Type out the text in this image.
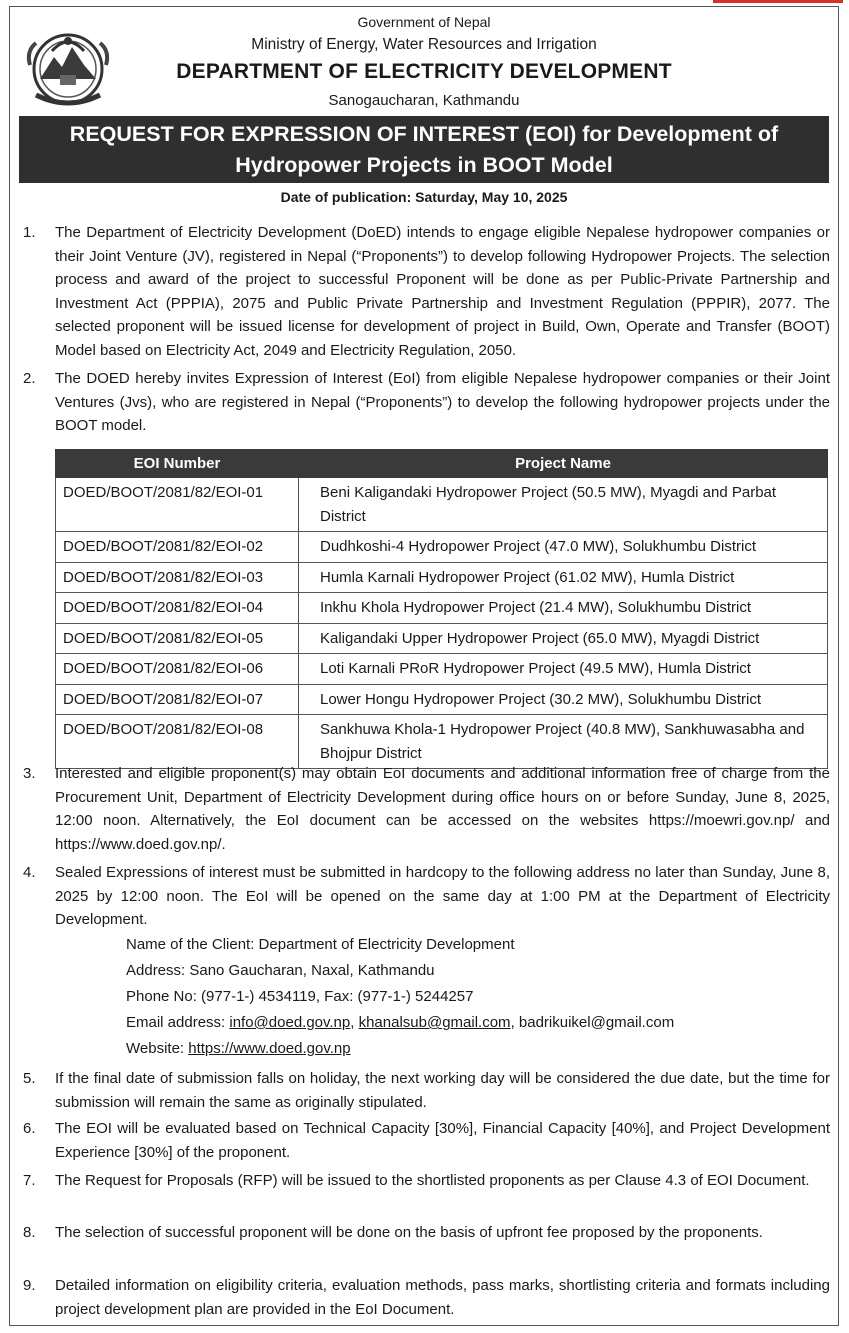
Government of Nepal
Ministry of Energy, Water Resources and Irrigation
DEPARTMENT OF ELECTRICITY DEVELOPMENT
Sanogaucharan, Kathmandu
REQUEST FOR EXPRESSION OF INTEREST (EOI) for Development of
Hydropower Projects in BOOT Model
Date of publication: Saturday, May 10, 2025
1. The Department of Electricity Development (DoED) intends to engage eligible Nepalese hydropower companies or their Joint Venture (JV), registered in Nepal (“Proponents”) to develop following Hydropower Projects. The selection process and award of the project to successful Proponent will be done as per Public-Private Partnership and Investment Act (PPPIA), 2075 and Public Private Partnership and Investment Regulation (PPPIR), 2077. The selected proponent will be issued license for development of project in Build, Own, Operate and Transfer (BOOT) Model based on Electricity Act, 2049 and Electricity Regulation, 2050.
2. The DOED hereby invites Expression of Interest (EoI) from eligible Nepalese hydropower companies or their Joint Ventures (Jvs), who are registered in Nepal (“Proponents”) to develop the following hydropower projects under the BOOT model.
EOI Number	Project Name
DOED/BOOT/2081/82/EOI-01	Beni Kaligandaki Hydropower Project (50.5 MW), Myagdi and Parbat District
DOED/BOOT/2081/82/EOI-02	Dudhkoshi-4 Hydropower Project (47.0 MW), Solukhumbu District
DOED/BOOT/2081/82/EOI-03	Humla Karnali Hydropower Project (61.02 MW), Humla District
DOED/BOOT/2081/82/EOI-04	Inkhu Khola Hydropower Project (21.4 MW), Solukhumbu District
DOED/BOOT/2081/82/EOI-05	Kaligandaki Upper Hydropower Project (65.0 MW), Myagdi District
DOED/BOOT/2081/82/EOI-06	Loti Karnali PRoR Hydropower Project (49.5 MW), Humla District
DOED/BOOT/2081/82/EOI-07	Lower Hongu Hydropower Project (30.2 MW), Solukhumbu District
DOED/BOOT/2081/82/EOI-08	Sankhuwa Khola-1 Hydropower Project (40.8 MW), Sankhuwasabha and Bhojpur District
3. Interested and eligible proponent(s) may obtain EoI documents and additional information free of charge from the Procurement Unit, Department of Electricity Development during office hours on or before Sunday, June 8, 2025, 12:00 noon. Alternatively, the EoI document can be accessed on the websites https://moewri.gov.np/ and https://www.doed.gov.np/.
4. Sealed Expressions of interest must be submitted in hardcopy to the following address no later than Sunday, June 8, 2025 by 12:00 noon. The EoI will be opened on the same day at 1:00 PM at the Department of Electricity Development.
Name of the Client: Department of Electricity Development
Address: Sano Gaucharan, Naxal, Kathmandu
Phone No: (977-1-) 4534119, Fax: (977-1-) 5244257
Email address: info@doed.gov.np, khanalsub@gmail.com, badrikuikel@gmail.com
Website: https://www.doed.gov.np
5. If the final date of submission falls on holiday, the next working day will be considered the due date, but the time for submission will remain the same as originally stipulated.
6. The EOI will be evaluated based on Technical Capacity [30%], Financial Capacity [40%], and Project Development Experience [30%] of the proponent.
7. The Request for Proposals (RFP) will be issued to the shortlisted proponents as per Clause 4.3 of EOI Document.
8. The selection of successful proponent will be done on the basis of upfront fee proposed by the proponents.
9. Detailed information on eligibility criteria, evaluation methods, pass marks, shortlisting criteria and formats including project development plan are provided in the EoI Document.
